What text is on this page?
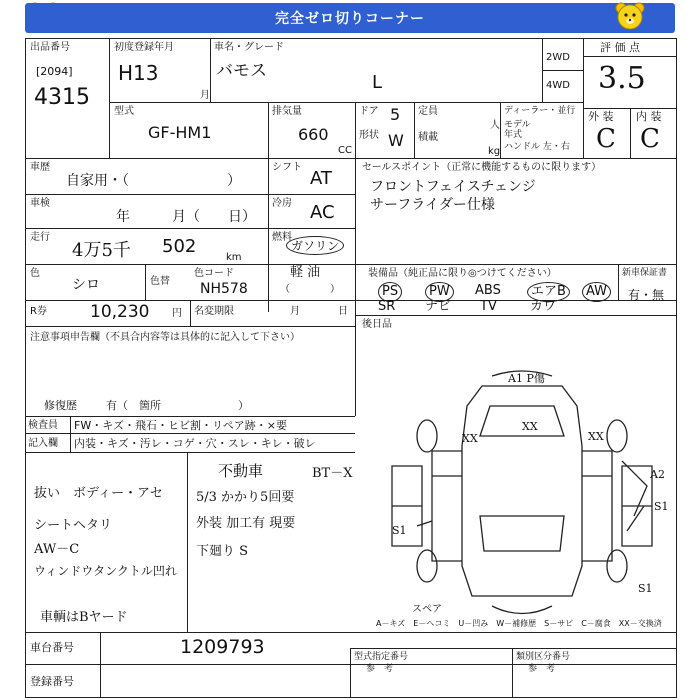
完全ゼロ切りコーナー
出品番号
[2094]
4315
初度登録年月
H13
月
車名・グレード
バモス
L
2WD
4WD
評 価 点
3.5
型式
GF-HM1
排気量
660
CC
ドア 5
形状 W
定員
人
積載
kg
ディーラー・並行
モデル
年式
ハンドル 左・右
外 装 内 装
C C
車歴
自家用・（　　　　　　　）
車検
年　　　月（　　日）
走行
4万5千 502
km
色
シロ	色替
色コード
NH578
R券	10,230 円 名変期限	月	日
シフト
AT
冷房 AC
燃料
ガソリン
軽 油
（　　　　）
セールスポイント（正常に機能するものに限ります）
フロントフェイスチェンジ
サーフライダー仕様
装備品（純正品に限り◎つけてください）	新車保証書
有・無
PS	PW	ABS	エアB	AW
SR ナビ TV	カワ
後日品
注意事項申告欄（不具合内容等は具体的に記入して下さい）
修復歴	有（　箇所　　　　　　　）
検査員 FW・キズ・飛石・ヒビ割・リペア跡・×要
記入欄 内装・キズ・汚レ・コゲ・穴・スレ・キレ・破レ
抜い　ボディー・アセ
シートヘタリ
AW－C
ウィンドウタンクトル凹れ
不動車	BT－X
5/3 かかり5回要
外装 加工有 現要
下廻り S
車輌はBヤード
A1 P傷
XX
XX
XX
A2
S1
S1
S1
スペア
A－キズ　E－ヘコミ　U－凹み　W－補修歴　S－サビ　C－腐食　XX－交換済
車台番号	1209793
登録番号
型式指定番号
参　考
類別区分番号
参　考
